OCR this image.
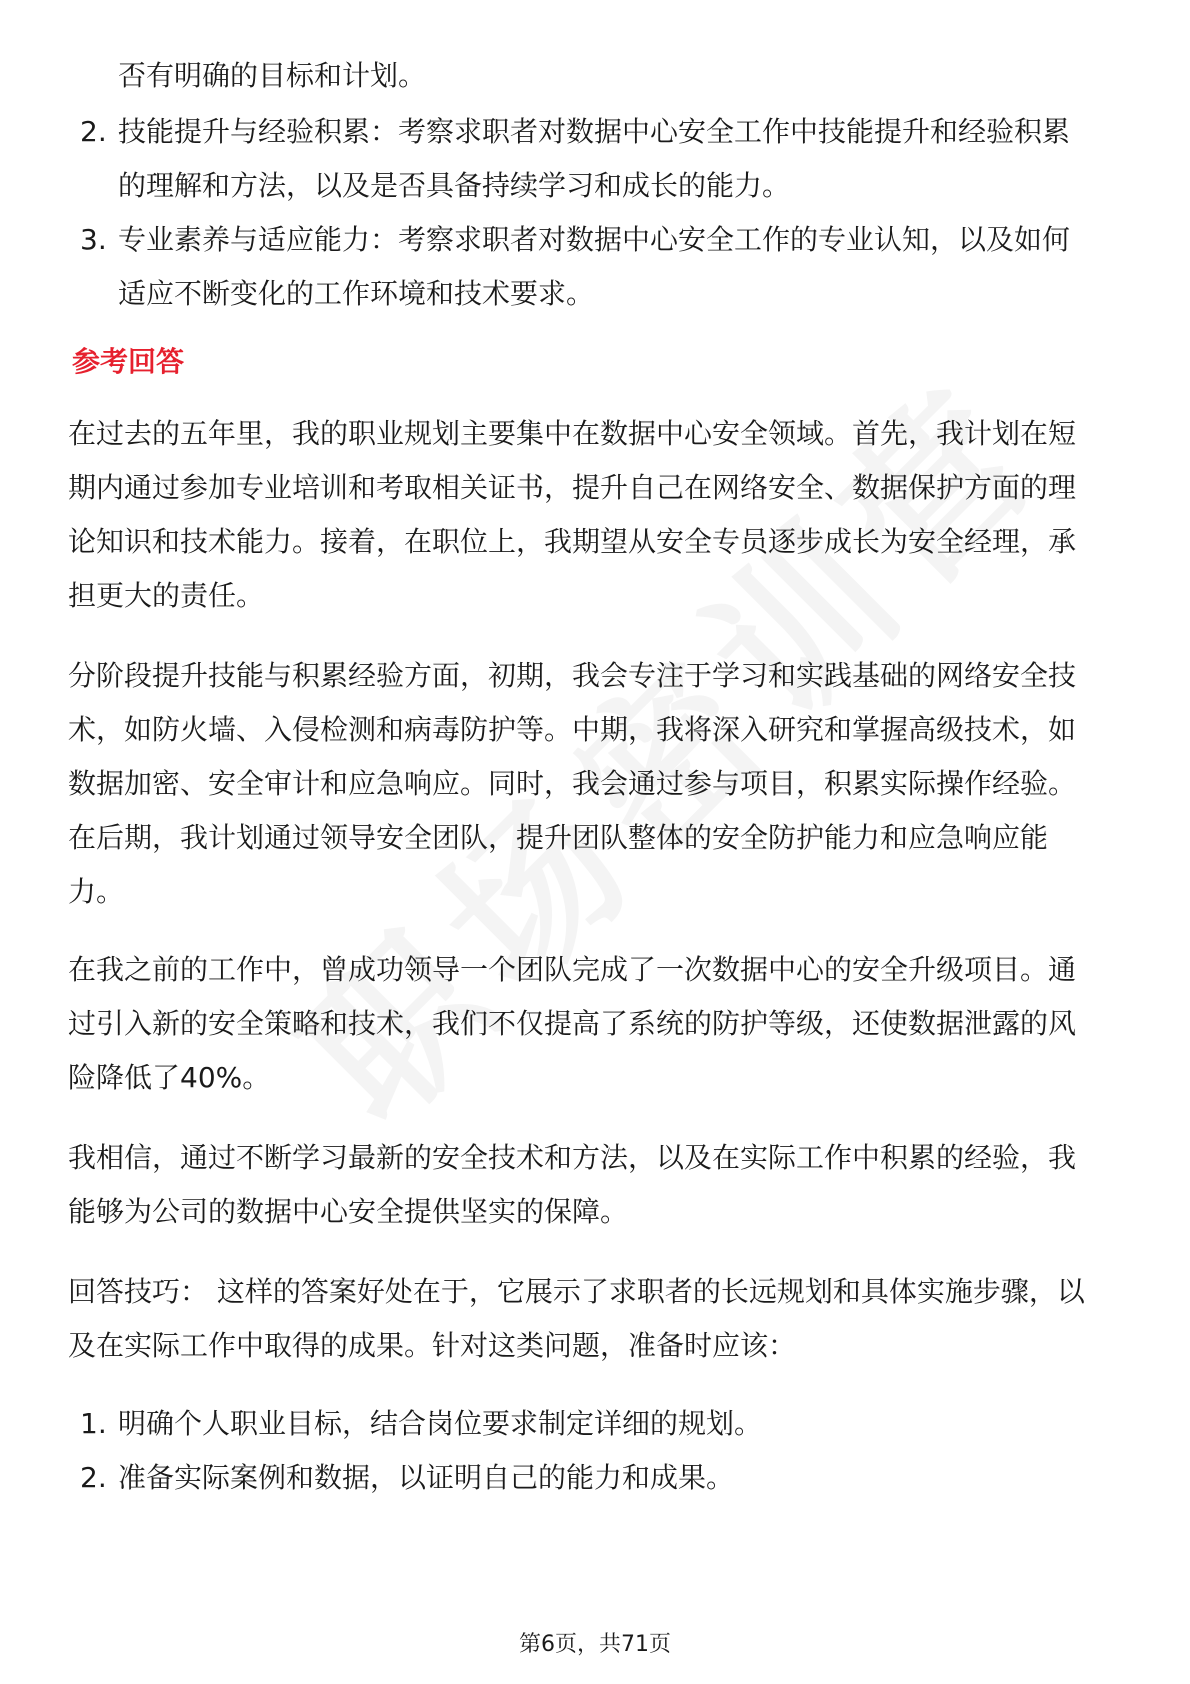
否有明确的目标和计划。
2. 技能提升与经验积累：考察求职者对数据中心安全工作中技能提升和经验积累
的理解和方法，以及是否具备持续学习和成长的能力。
3. 专业素养与适应能力：考察求职者对数据中心安全工作的专业认知，以及如何
适应不断变化的工作环境和技术要求。
参考回答
在过去的五年里，我的职业规划主要集中在数据中心安全领域。首先，我计划在短
期内通过参加专业培训和考取相关证书，提升自己在网络安全、数据保护方面的理
论知识和技术能力。接着，在职位上，我期望从安全专员逐步成长为安全经理，承
担更大的责任。
分阶段提升技能与积累经验方面，初期，我会专注于学习和实践基础的网络安全技
术，如防火墙、入侵检测和病毒防护等。中期，我将深入研究和掌握高级技术，如
数据加密、安全审计和应急响应。同时，我会通过参与项目，积累实际操作经验。
在后期，我计划通过领导安全团队，提升团队整体的安全防护能力和应急响应能
力。
在我之前的工作中，曾成功领导一个团队完成了一次数据中心的安全升级项目。通
过引入新的安全策略和技术，我们不仅提高了系统的防护等级，还使数据泄露的风
险降低了40%。
我相信，通过不断学习最新的安全技术和方法，以及在实际工作中积累的经验，我
能够为公司的数据中心安全提供坚实的保障。
回答技巧： 这样的答案好处在于，它展示了求职者的长远规划和具体实施步骤，以
及在实际工作中取得的成果。针对这类问题，准备时应该：
1. 明确个人职业目标，结合岗位要求制定详细的规划。
2. 准备实际案例和数据，以证明自己的能力和成果。
第6页，共71页
